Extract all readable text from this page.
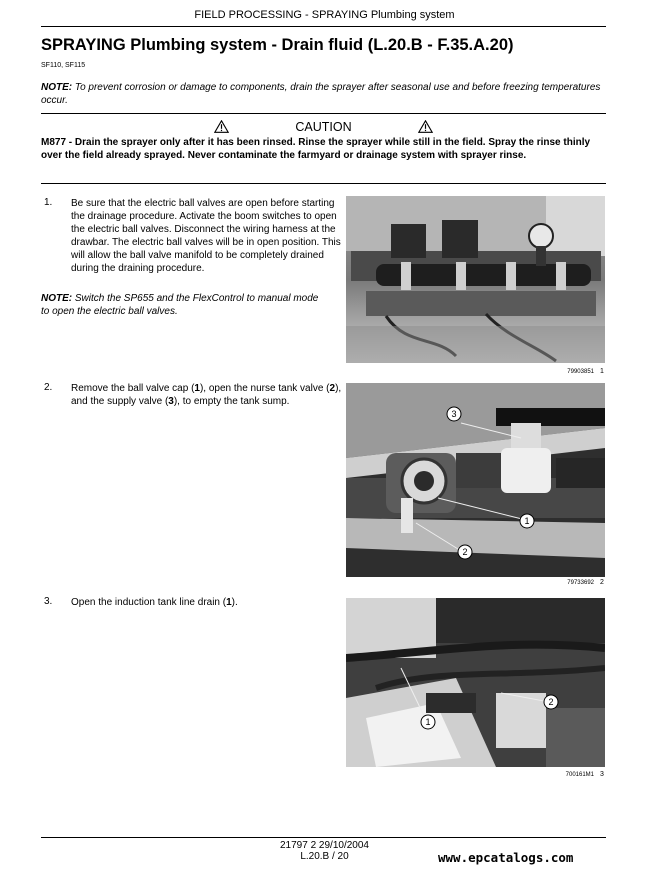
FIELD PROCESSING - SPRAYING Plumbing system
SPRAYING Plumbing system - Drain fluid (L.20.B - F.35.A.20)
SF110, SF115
NOTE: To prevent corrosion or damage to components, drain the sprayer after seasonal use and before freezing temperatures occur.
CAUTION
M877 - Drain the sprayer only after it has been rinsed. Rinse the sprayer while still in the field. Spray the rinse thinly over the field already sprayed. Never contaminate the farmyard or drainage system with sprayer rinse.
1. Be sure that the electric ball valves are open before starting the drainage procedure. Activate the boom switches to open the electric ball valves. Disconnect the wiring harness at the drawbar. The electric ball valves will be in open position. This will allow the ball valve manifold to be completely drained during the draining procedure.
NOTE: Switch the SP655 and the FlexControl to manual mode to open the electric ball valves.
79903851 1
2. Remove the ball valve cap (1), open the nurse tank valve (2), and the supply valve (3), to empty the tank sump.
3
1
2
79733692 2
3. Open the induction tank line drain (1).
1
2
700161M1 3
21797 2 29/10/2004
L.20.B / 20	www.epcatalogs.com
